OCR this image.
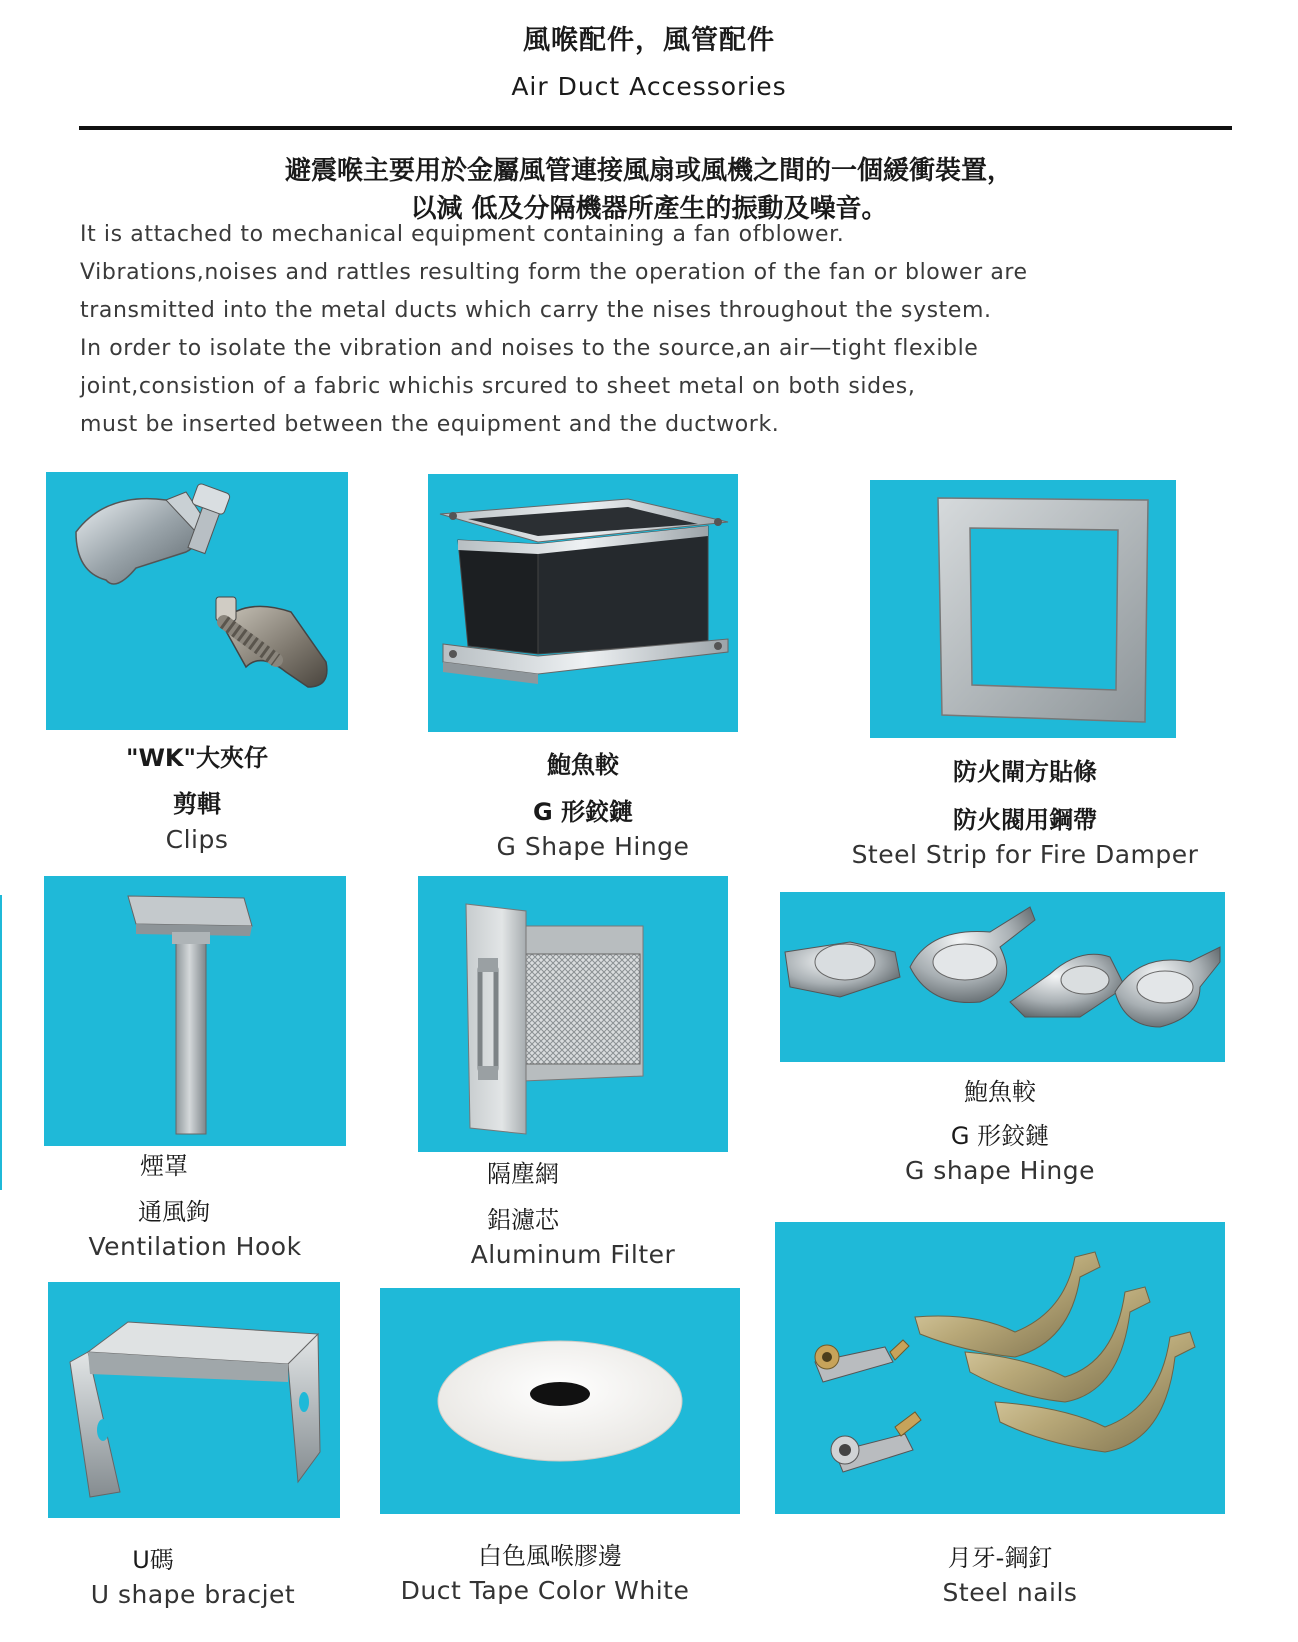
風喉配件，風管配件
Air Duct Accessories
避震喉主要用於金屬風管連接風扇或風機之間的一個緩衝裝置，
以減 低及分隔機器所產生的振動及噪音。
It is attached to mechanical equipment containing a fan ofblower.
Vibrations,noises and rattles resulting form the operation of the fan or blower are
transmitted into the metal ducts which carry the nises throughout the system.
In order to isolate the vibration and noises to the source,an air—tight flexible
joint,consistion of a fabric whichis srcured to sheet metal on both sides,
must be inserted between the equipment and the ductwork.
"WK"大夾仔
剪輯
Clips
鮑魚較
G 形鉸鏈
G Shape Hinge
防火閘方貼條
防火閥用鋼帶
Steel Strip for Fire Damper
煙罩
通風鉤
Ventilation Hook
隔塵網
鋁濾芯
Aluminum Filter
鮑魚較
G 形鉸鏈
G shape Hinge
U碼
U shape bracjet
白色風喉膠邊
Duct Tape Color White
月牙-鋼釘
Steel nails
